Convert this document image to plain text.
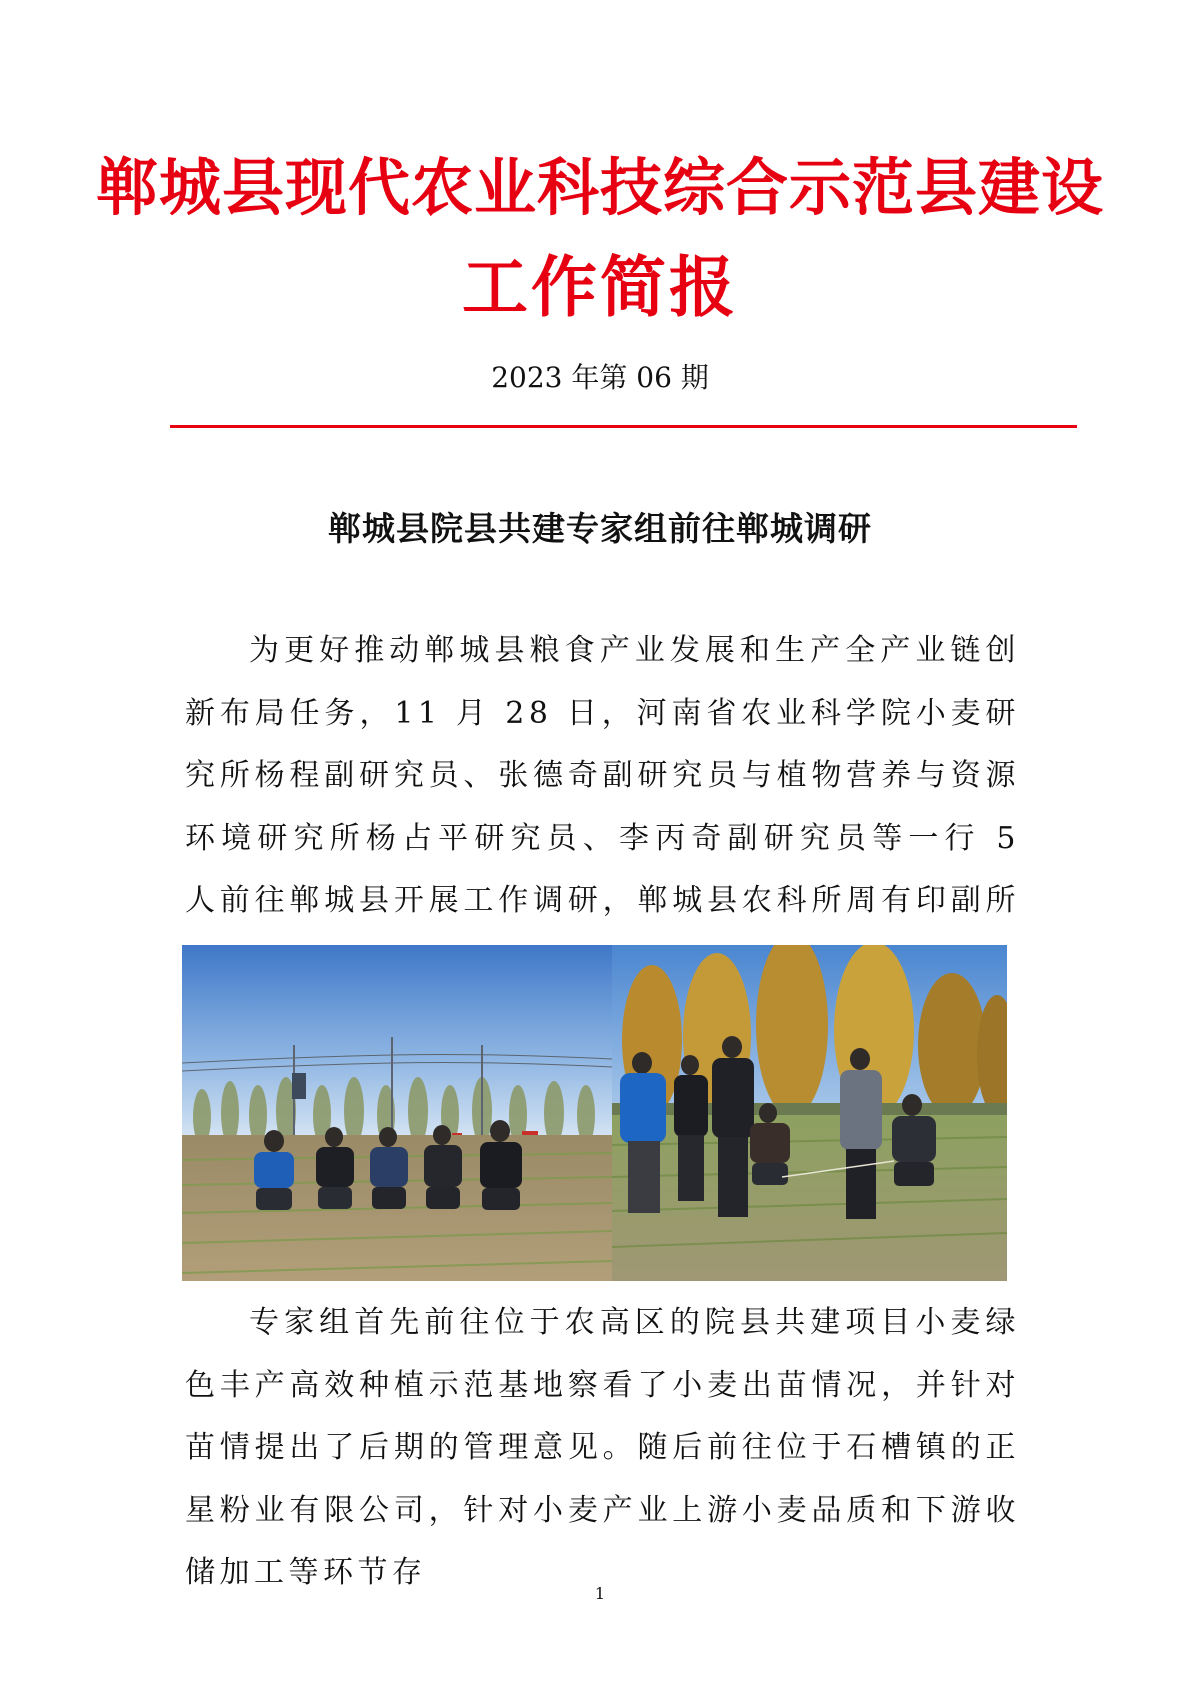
郸城县现代农业科技综合示范县建设
工作简报
2023 年第 06 期
郸城县院县共建专家组前往郸城调研

为更好推动郸城县粮食产业发展和生产全产业链创新布局任务，11 月 28 日，河南省农业科学院小麦研究所杨程副研究员、张德奇副研究员与植物营养与资源环境研究所杨占平研究员、李丙奇副研究员等一行 5 人前往郸城县开展工作调研，郸城县农科所周有印副所

专家组首先前往位于农高区的院县共建项目小麦绿色丰产高效种植示范基地察看了小麦出苗情况，并针对苗情提出了后期的管理意见。随后前往位于石槽镇的正星粉业有限公司，针对小麦产业上游小麦品质和下游收储加工等环节存

1
